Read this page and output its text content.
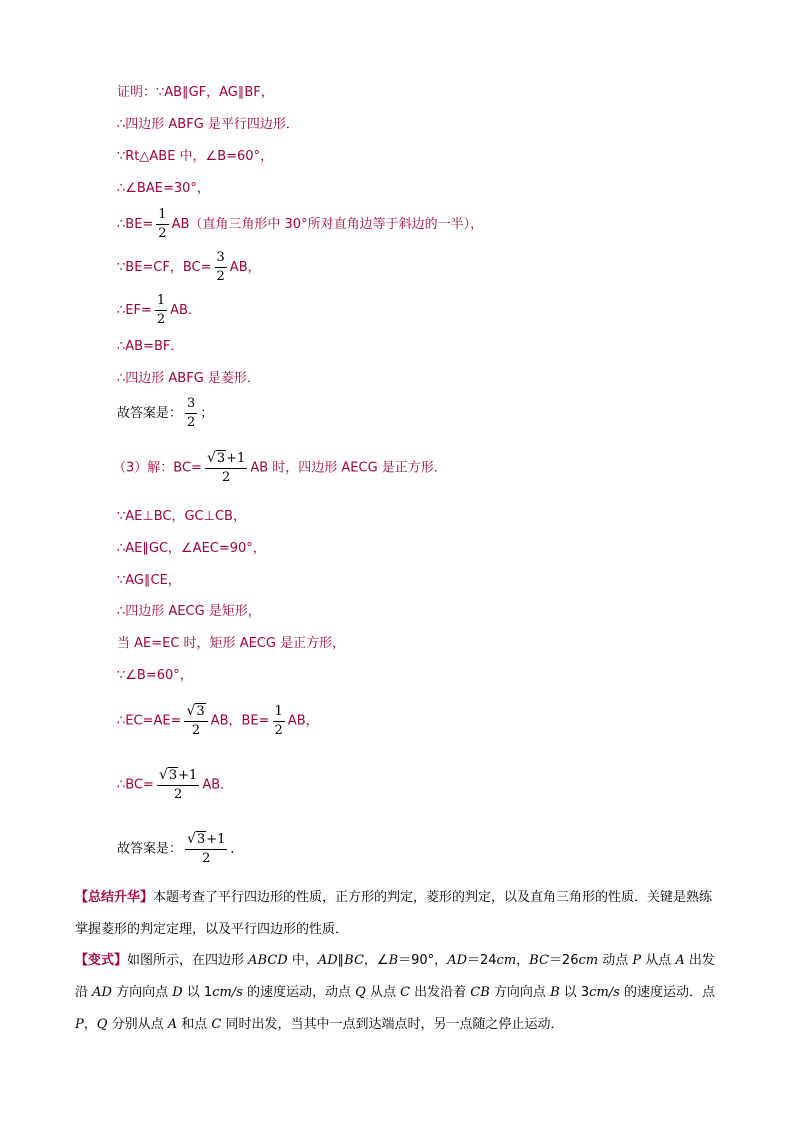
证明：∵AB∥GF，AG∥BF，
∴四边形 ABFG 是平行四边形．
∵Rt△ABE 中，∠B=60°，
∴∠BAE=30°，
∴BE= $\frac{1}{2} AB$（直角三角形中 30°所对直角边等于斜边的一半），
∵BE=CF，$BC= \frac{3}{2}$ AB，
∴EF= $\frac{1}{2}$ AB．
∴AB=BF．
∴四边形 ABFG 是菱形．
故答案是： $\frac{3}{2}$ ；
（3）解：$BC= \frac{√3+1}{2}$ AB 时，四边形 AECG 是正方形．
∵AE⊥BC，GC⊥CB，
∴AE∥GC，∠AEC=90°，
∵AG∥CE，
∴四边形 AECG 是矩形，
当 AE=EC 时，矩形 AECG 是正方形，
∵∠B=60°，
∴EC=AE= $\frac{√3}{2}$ AB，$BE= \frac{1}{2}$ AB，
∴BC= $\frac{√3+1}{2}$ AB．
故答案是： $\frac{√3+1}{2}$ ．
【总结升华】本题考查了平行四边形的性质，正方形的判定，菱形的判定，以及直角三角形的性质．关键是熟练掌握菱形的判定定理，以及平行四边形的性质．
【变式】如图所示，在四边形 ABCD 中，AD∥BC，∠B＝90°，AD＝24cm，BC＝26cm 动点 P 从点 A 出发沿 AD 方向向点 D 以 1cm/s 的速度运动，动点 Q 从点 C 出发沿着 CB 方向向点 B 以 3cm/s 的速度运动．点 P，Q 分别从点 A 和点 C 同时出发，当其中一点到达端点时，另一点随之停止运动．
